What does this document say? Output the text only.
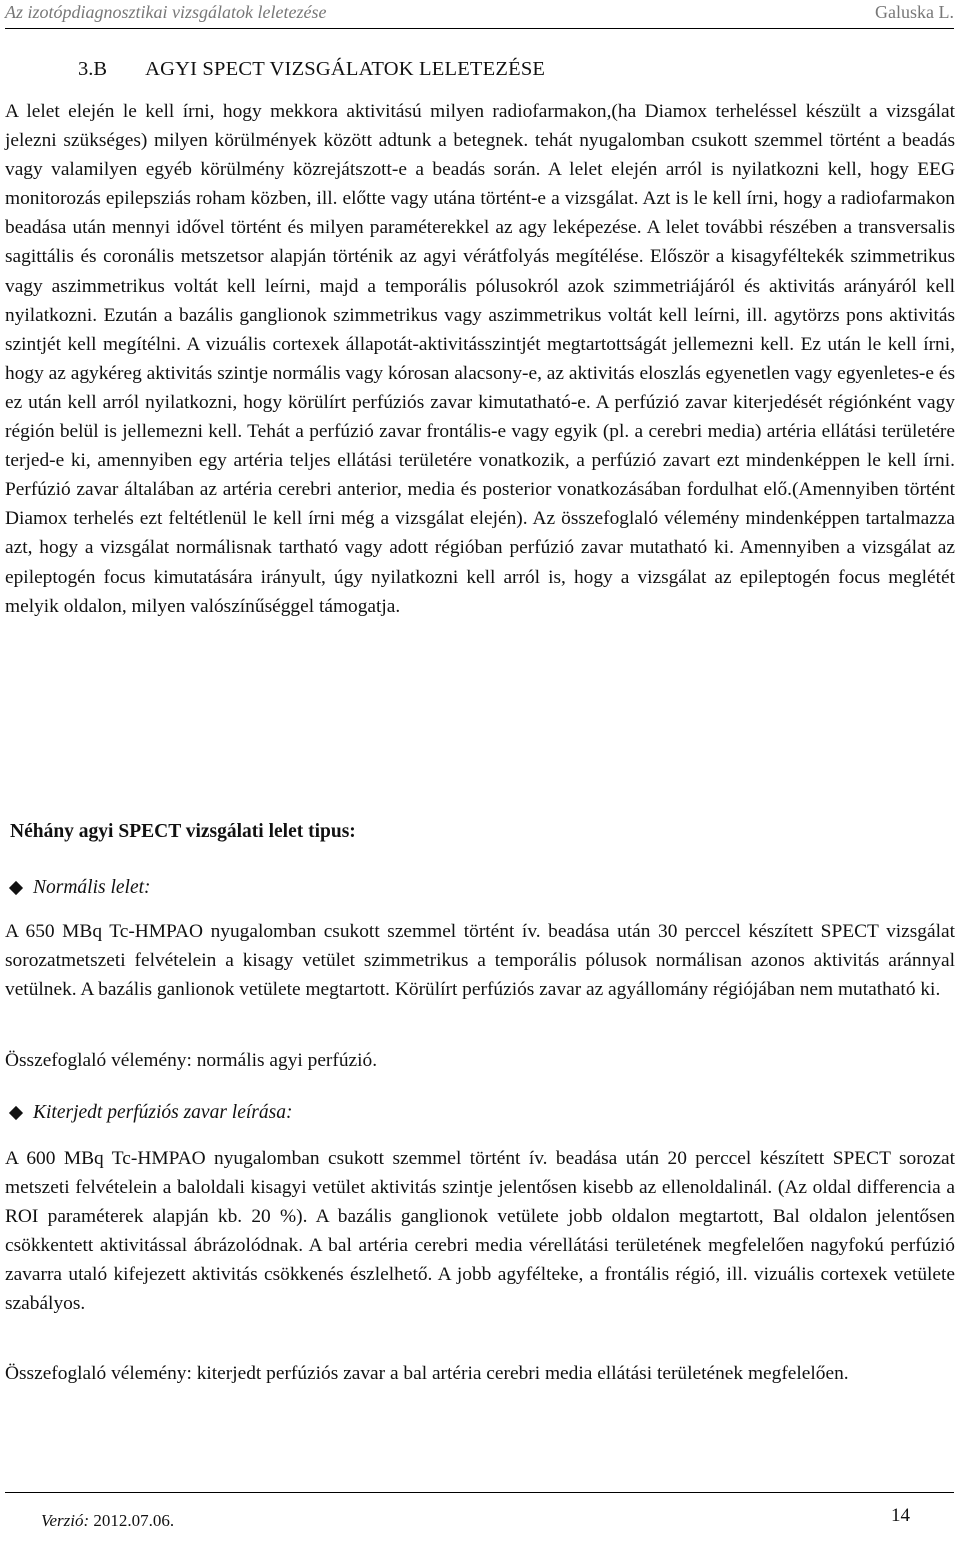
Az izotópdiagnosztikai vizsgálatok leletezése	Galuska L.
3.B AGYI SPECT VIZSGÁLATOK LELETEZÉSE

A lelet elején le kell írni, hogy mekkora aktivitású milyen radiofarmakon,(ha Diamox terheléssel készült a vizsgálat jelezni szükséges) milyen körülmények között adtunk a betegnek. tehát nyugalomban csukott szemmel történt a beadás vagy valamilyen egyéb körülmény közrejátszott-e a beadás során. A lelet elején arról is nyilatkozni kell, hogy EEG monitorozás epilepsziás roham közben, ill. előtte vagy utána történt-e a vizsgálat. Azt is le kell írni, hogy a radiofarmakon beadása után mennyi idővel történt és milyen paraméterekkel az agy leképezése. A lelet további részében a transversalis sagittális és coronális metszetsor alapján történik az agyi vérátfolyás megítélése. Először a kisagyféltekék szimmetrikus vagy aszimmetrikus voltát kell leírni, majd a temporális pólusokról azok szimmetriájáról és aktivitás arányáról kell nyilatkozni. Ezután a bazális ganglionok szimmetrikus vagy aszimmetrikus voltát kell leírni, ill. agytörzs pons aktivitás szintjét kell megítélni. A vizuális cortexek állapotát-aktivitásszintjét megtartottságát jellemezni kell. Ez után le kell írni, hogy az agykéreg aktivitás szintje normális vagy kórosan alacsony-e, az aktivitás eloszlás egyenetlen vagy egyenletes-e és ez után kell arról nyilatkozni, hogy körülírt perfúziós zavar kimutatható-e. A perfúzió zavar kiterjedését régiónként vagy régión belül is jellemezni kell. Tehát a perfúzió zavar frontális-e vagy egyik (pl. a cerebri media) artéria ellátási területére terjed-e ki, amennyiben egy artéria teljes ellátási területére vonatkozik, a perfúzió zavart ezt mindenképpen le kell írni. Perfúzió zavar általában az artéria cerebri anterior, media és posterior vonatkozásában fordulhat elő.(Amennyiben történt Diamox terhelés ezt feltétlenül le kell írni még a vizsgálat elején). Az összefoglaló vélemény mindenképpen tartalmazza azt, hogy a vizsgálat normálisnak tartható vagy adott régióban perfúzió zavar mutatható ki. Amennyiben a vizsgálat az epileptogén focus kimutatására irányult, úgy nyilatkozni kell arról is, hogy a vizsgálat az epileptogén focus meglétét melyik oldalon, milyen valószínűséggel támogatja.

Néhány agyi SPECT vizsgálati lelet tipus:

Normális lelet:

A 650 MBq Tc-HMPAO nyugalomban csukott szemmel történt ív. beadása után 30 perccel készített SPECT vizsgálat sorozatmetszeti felvételein a kisagy vetület szimmetrikus a temporális pólusok normálisan azonos aktivitás aránnyal vetülnek. A bazális ganlionok vetülete megtartott. Körülírt perfúziós zavar az agyállomány régiójában nem mutatható ki.

Összefoglaló vélemény: normális agyi perfúzió.

Kiterjedt perfúziós zavar leírása:

A 600 MBq Tc-HMPAO nyugalomban csukott szemmel történt ív. beadása után 20 perccel készített SPECT sorozat metszeti felvételein a baloldali kisagyi vetület aktivitás szintje jelentősen kisebb az ellenoldalinál. (Az oldal differencia a ROI paraméterek alapján kb. 20 %). A bazális ganglionok vetülete jobb oldalon megtartott, Bal oldalon jelentősen csökkentett aktivitással ábrázolódnak. A bal artéria cerebri media vérellátási területének megfelelően nagyfokú perfúzió zavarra utaló kifejezett aktivitás csökkenés észlelhető. A jobb agyféltеke, a frontális régió, ill. vizuális cortexek vetülete szabályos.

Összefoglaló vélemény: kiterjedt perfúziós zavar a bal artéria cerebri media ellátási területének megfelelően.

Verzió: 2012.07.06.	14
